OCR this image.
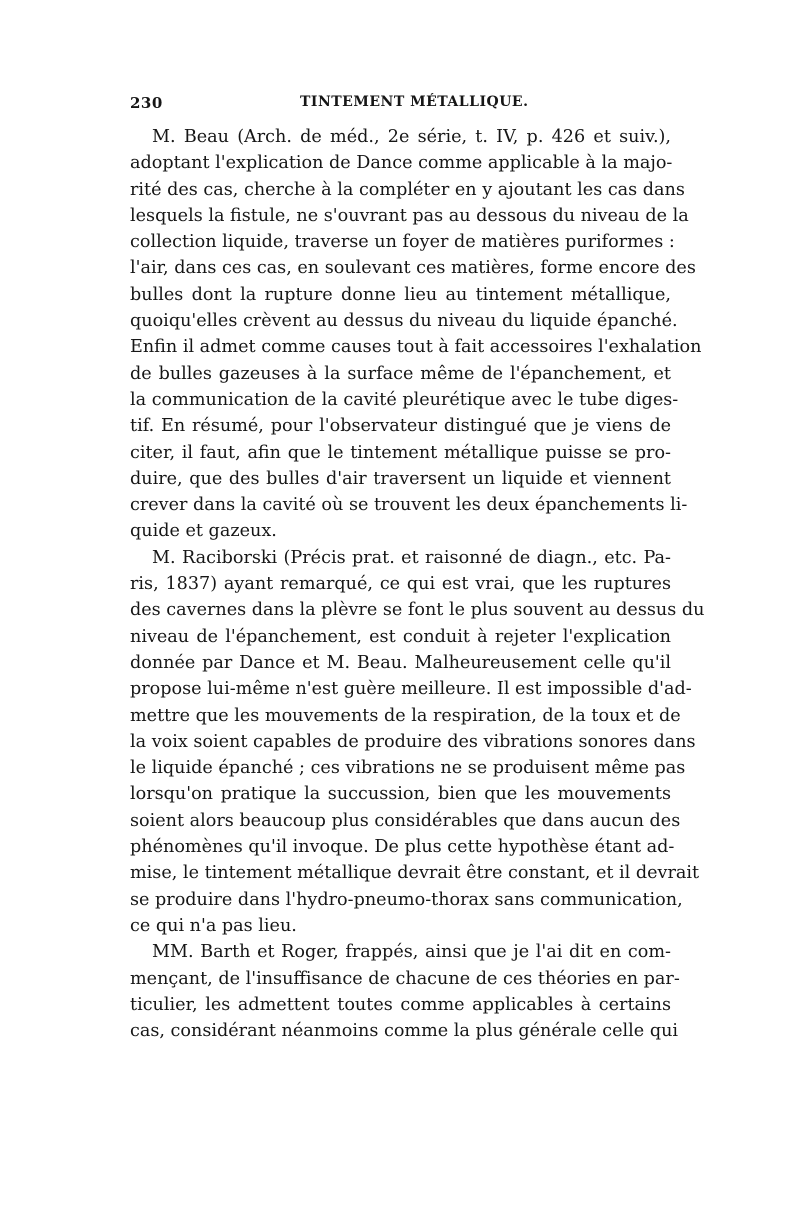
230	TINTEMENT MÉTALLIQUE.
M. Beau (Arch. de méd., 2e série, t. IV, p. 426 et suiv.),
adoptant l'explication de Dance comme applicable à la majo-
rité des cas, cherche à la compléter en y ajoutant les cas dans
lesquels la fistule, ne s'ouvrant pas au dessous du niveau de la
collection liquide, traverse un foyer de matières puriformes :
l'air, dans ces cas, en soulevant ces matières, forme encore des
bulles dont la rupture donne lieu au tintement métallique,
quoiqu'elles crèvent au dessus du niveau du liquide épanché.
Enfin il admet comme causes tout à fait accessoires l'exhalation
de bulles gazeuses à la surface même de l'épanchement, et
la communication de la cavité pleurétique avec le tube diges-
tif. En résumé, pour l'observateur distingué que je viens de
citer, il faut, afin que le tintement métallique puisse se pro-
duire, que des bulles d'air traversent un liquide et viennent
crever dans la cavité où se trouvent les deux épanchements li-
quide et gazeux.
M. Raciborski (Précis prat. et raisonné de diagn., etc. Pa-
ris, 1837) ayant remarqué, ce qui est vrai, que les ruptures
des cavernes dans la plèvre se font le plus souvent au dessus du
niveau de l'épanchement, est conduit à rejeter l'explication
donnée par Dance et M. Beau. Malheureusement celle qu'il
propose lui-même n'est guère meilleure. Il est impossible d'ad-
mettre que les mouvements de la respiration, de la toux et de
la voix soient capables de produire des vibrations sonores dans
le liquide épanché ; ces vibrations ne se produisent même pas
lorsqu'on pratique la succussion, bien que les mouvements
soient alors beaucoup plus considérables que dans aucun des
phénomènes qu'il invoque. De plus cette hypothèse étant ad-
mise, le tintement métallique devrait être constant, et il devrait
se produire dans l'hydro-pneumo-thorax sans communication,
ce qui n'a pas lieu.
MM. Barth et Roger, frappés, ainsi que je l'ai dit en com-
mençant, de l'insuffisance de chacune de ces théories en par-
ticulier, les admettent toutes comme applicables à certains
cas, considérant néanmoins comme la plus générale celle qui
